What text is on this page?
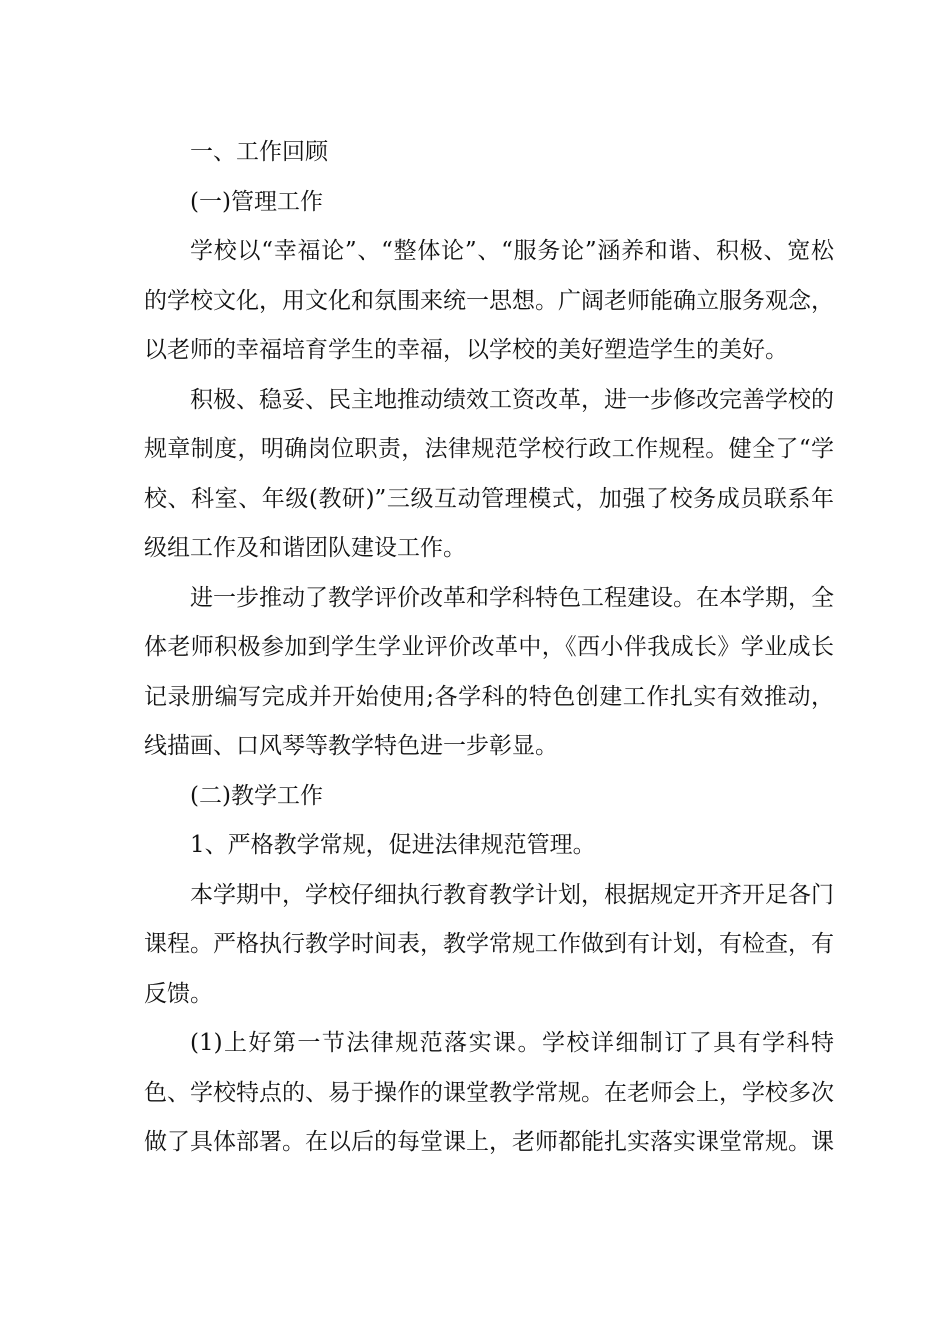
一、工作回顾

(一)管理工作

学校以“幸福论”、“整体论”、“服务论”涵养和谐、积极、宽松的学校文化，用文化和氛围来统一思想。广阔老师能确立服务观念，以老师的幸福培育学生的幸福，以学校的美好塑造学生的美好。

积极、稳妥、民主地推动绩效工资改革，进一步修改完善学校的规章制度，明确岗位职责，法律规范学校行政工作规程。健全了“学校、科室、年级(教研)”三级互动管理模式，加强了校务成员联系年级组工作及和谐团队建设工作。

进一步推动了教学评价改革和学科特色工程建设。在本学期，全体老师积极参加到学生学业评价改革中，《西小伴我成长》学业成长记录册编写完成并开始使用;各学科的特色创建工作扎实有效推动，线描画、口风琴等教学特色进一步彰显。

(二)教学工作

1、严格教学常规，促进法律规范管理。

本学期中，学校仔细执行教育教学计划，根据规定开齐开足各门课程。严格执行教学时间表，教学常规工作做到有计划，有检查，有反馈。

(1)上好第一节法律规范落实课。学校详细制订了具有学科特色、学校特点的、易于操作的课堂教学常规。在老师会上，学校多次做了具体部署。在以后的每堂课上，老师都能扎实落实课堂常规。课
